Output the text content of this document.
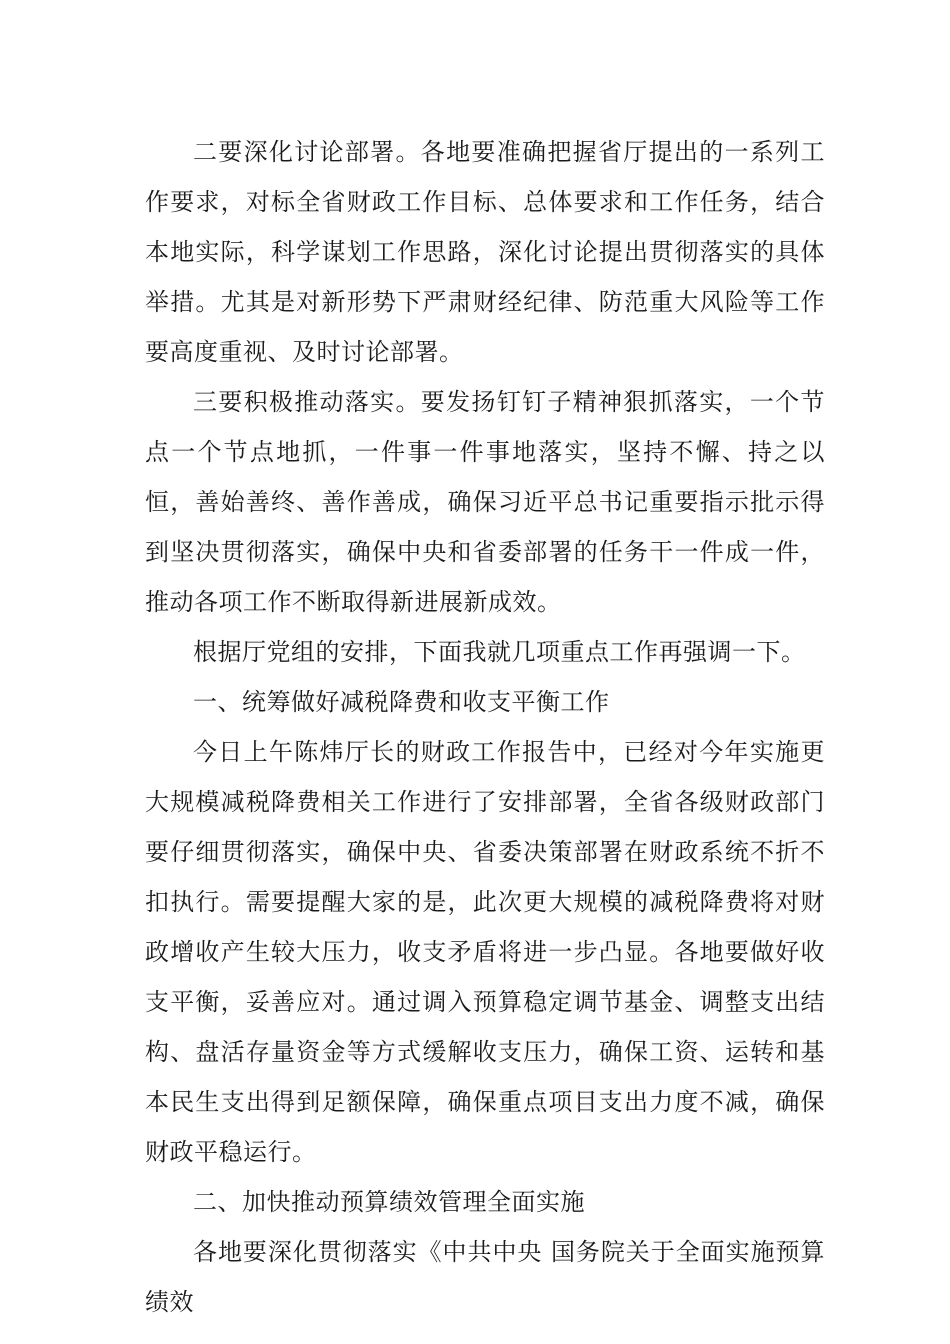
二要深化讨论部署。各地要准确把握省厅提出的一系列工作要求，对标全省财政工作目标、总体要求和工作任务，结合本地实际，科学谋划工作思路，深化讨论提出贯彻落实的具体举措。尤其是对新形势下严肃财经纪律、防范重大风险等工作要高度重视、及时讨论部署。

三要积极推动落实。要发扬钉钉子精神狠抓落实，一个节点一个节点地抓，一件事一件事地落实，坚持不懈、持之以恒，善始善终、善作善成，确保习近平总书记重要指示批示得到坚决贯彻落实，确保中央和省委部署的任务干一件成一件，推动各项工作不断取得新进展新成效。

根据厅党组的安排，下面我就几项重点工作再强调一下。

一、统筹做好减税降费和收支平衡工作

今日上午陈炜厅长的财政工作报告中，已经对今年实施更大规模减税降费相关工作进行了安排部署，全省各级财政部门要仔细贯彻落实，确保中央、省委决策部署在财政系统不折不扣执行。需要提醒大家的是，此次更大规模的减税降费将对财政增收产生较大压力，收支矛盾将进一步凸显。各地要做好收支平衡，妥善应对。通过调入预算稳定调节基金、调整支出结构、盘活存量资金等方式缓解收支压力，确保工资、运转和基本民生支出得到足额保障，确保重点项目支出力度不减，确保财政平稳运行。

二、加快推动预算绩效管理全面实施

各地要深化贯彻落实《中共中央 国务院关于全面实施预算绩效
